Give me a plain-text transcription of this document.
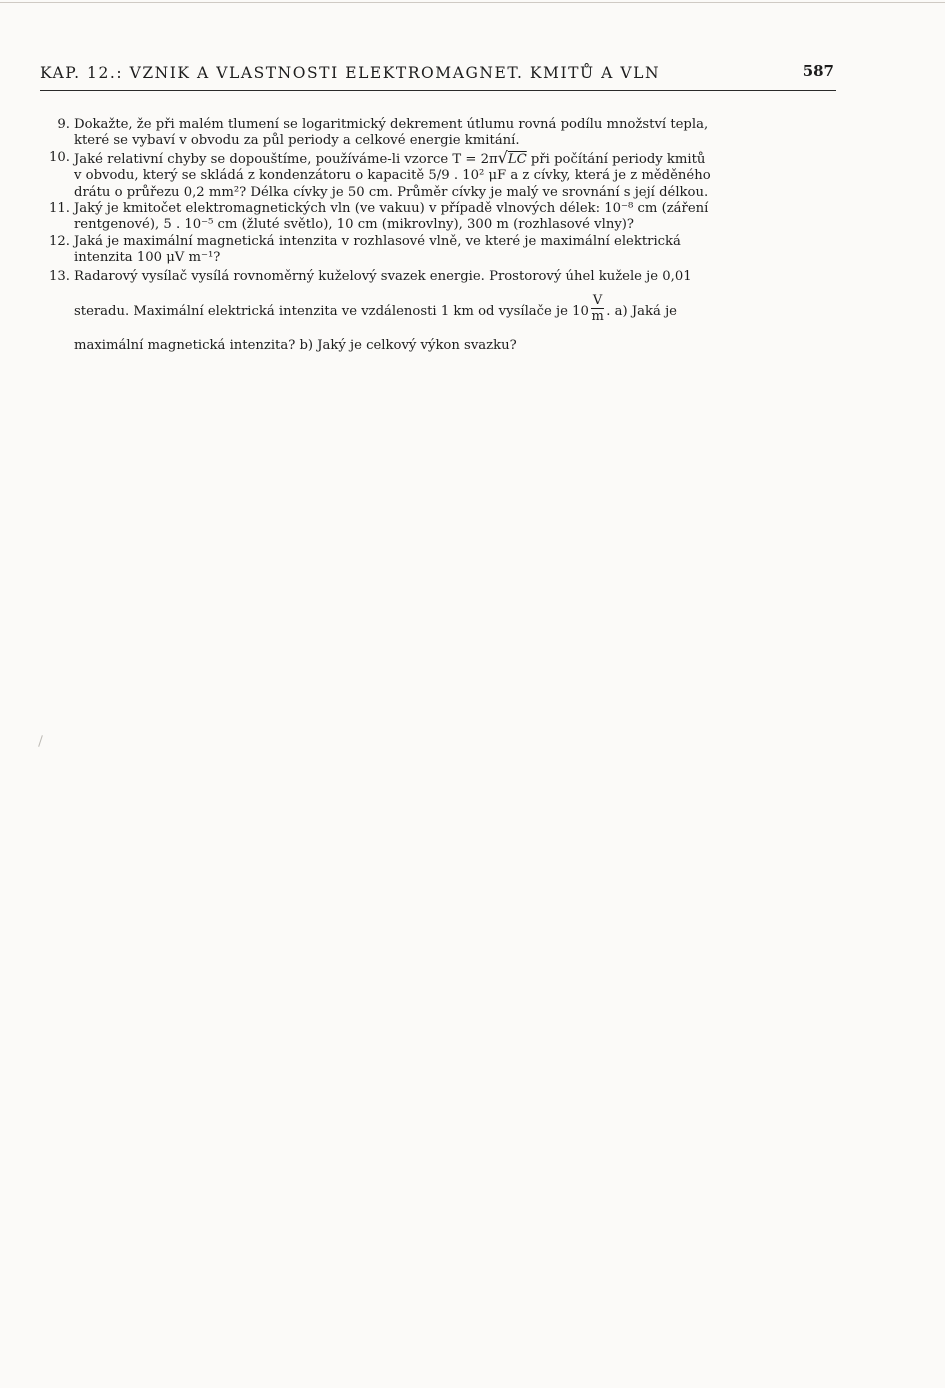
KAP. 12.: VZNIK A VLASTNOSTI ELEKTROMAGNET. KMITŮ A VLN	587
9. Dokažte, že při malém tlumení se logaritmický dekrement útlumu rovná podílu množství tepla,
které se vybaví v obvodu za půl periody a celkové energie kmitání.
10. Jaké relativní chyby se dopouštíme, používáme-li vzorce T = 2π√LC při počítání periody kmitů
v obvodu, který se skládá z kondenzátoru o kapacitě 5/9 . 10² μF a z cívky, která je z měděného
drátu o průřezu 0,2 mm²? Délka cívky je 50 cm. Průměr cívky je malý ve srovnání s její délkou.
11. Jaký je kmitočet elektromagnetických vln (ve vakuu) v případě vlnových délek: 10⁻⁸ cm (záření
rentgenové), 5 . 10⁻⁵ cm (žluté světlo), 10 cm (mikrovlny), 300 m (rozhlasové vlny)?
12. Jaká je maximální magnetická intenzita v rozhlasové vlně, ve které je maximální elektrická
intenzita 100 μV m⁻¹?
13. Radarový vysílač vysílá rovnoměrný kuželový svazek energie. Prostorový úhel kužele je 0,01
steradu. Maximální elektrická intenzita ve vzdálenosti 1 km od vysílače je $10 \frac{V}{m}$ . a) Jaká je
maximální magnetická intenzita? b) Jaký je celkový výkon svazku?
